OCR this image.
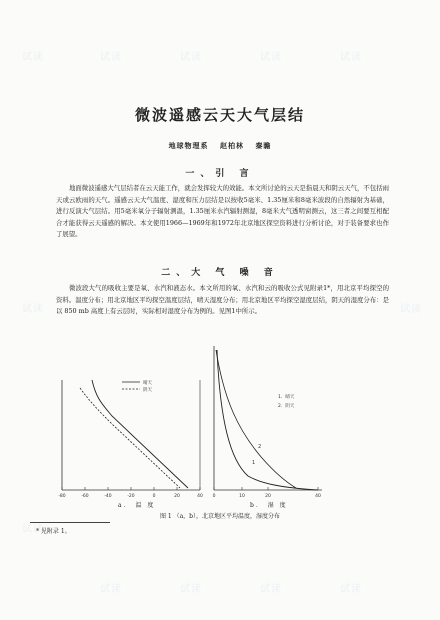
试读	试读	试读	试读	试读
试读	试读
试读
试读	试读	试读	试读
微波遥感云天大气层结
地球物理系 赵柏林 秦瞻
一、引 言

地面微波遥感大气层结者在云天能工作，就会发挥较大的效能。本文所讨论的云天是指晨天和阴云天气，不包括雨天或云欧雨的天气。遥感云天大气温度、湿度和压力层结是以按收5毫米、1.35厘米和8毫米波段的自然辐射为基础，进行反演大气层结。用5毫米氧分子辐射测温，1.35厘米水汽辐射测湿，8毫米大气透明窗测云，这三者之间要互相配合才能获得云天遥感的解决。本文使用1966—1969年和1972年北京地区探空资料进行分析讨论，对于装备要求也作了展望。

二、大 气 噪 音

微波段大气的吸收主要是氧、水汽和液态水。本文所用的氧、水汽和云的吸收公式见附录1*，用北京平均探空的资料。温度分布；用北京地区平均探空温度层结，晴天湿度分布；用北京地区平均探空湿度层结，阴天的湿度分布：是以 850 mb 高度上有云层时，实际相对湿度分布为例的。见图1中所示。

-80	-60	-40	-20	0	20	40
晴天
阴天
0	10	20	40
2
1
1．晴天
2．阴天
a． 温 度	b． 湿 度
图 1 （a，b），北京地区平均温度，湿度分布
* 见附录 1。
